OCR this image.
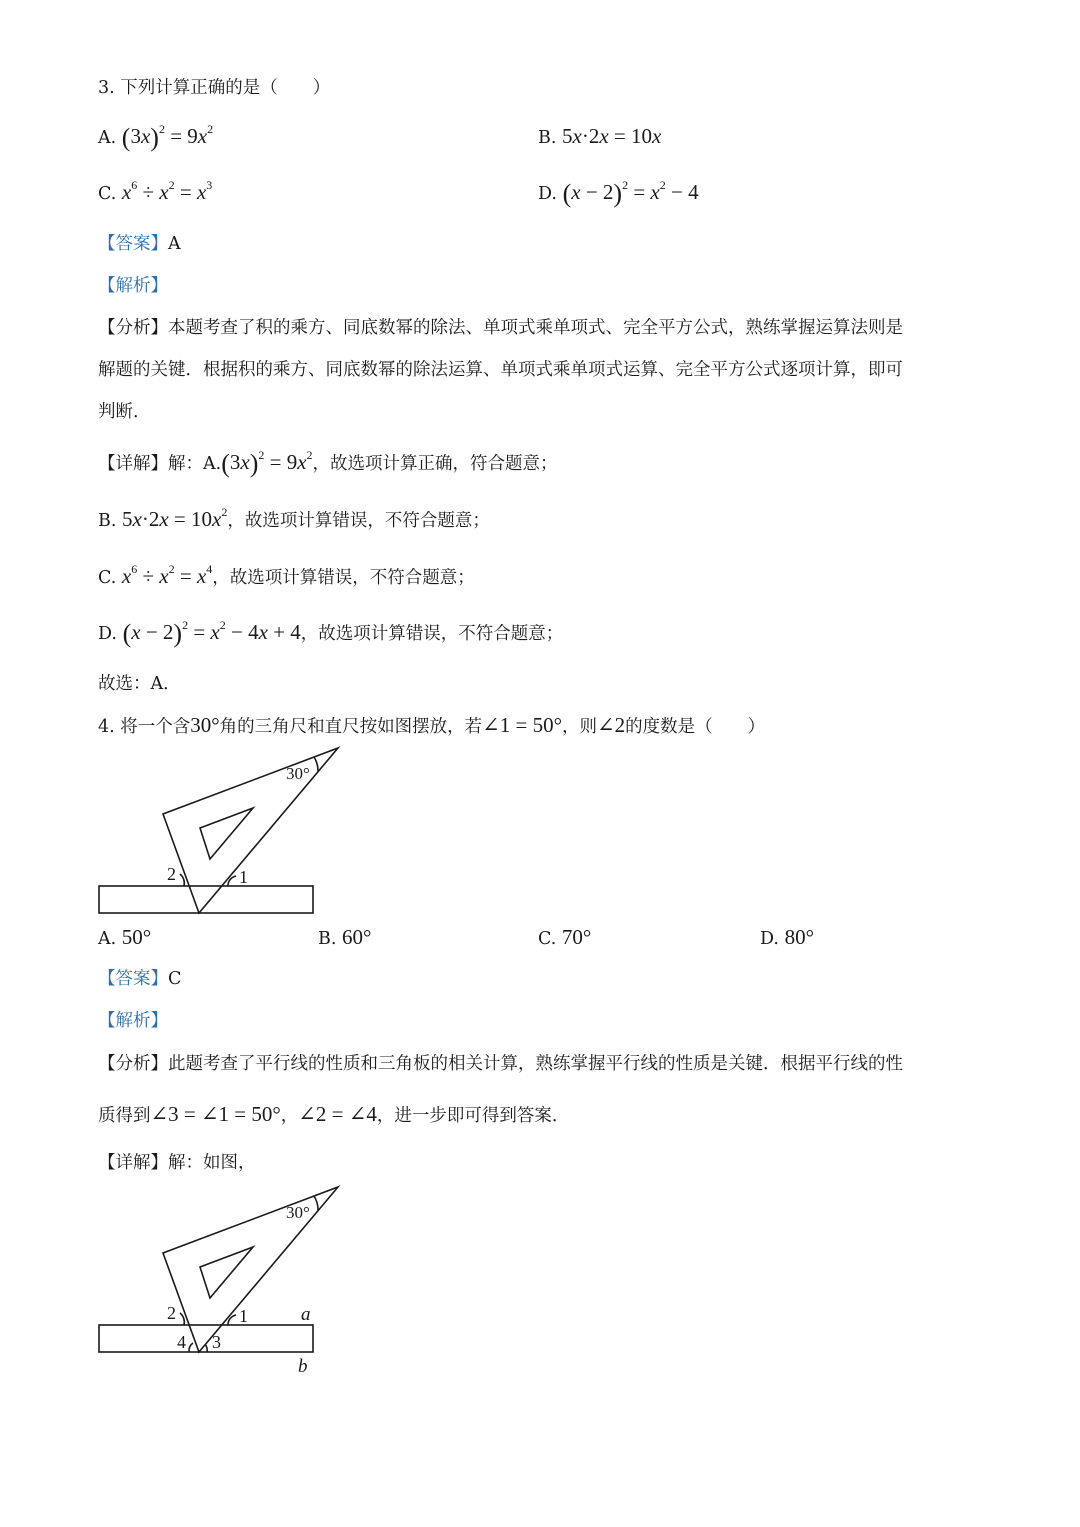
3. 下列计算正确的是（　　）
A. $(3x)^2 = 9x^2$	B. 5x·2x = 10x
C. $x^6 \div x^2 = x^3$	D. $(x - 2)^2 = x^2 - 4$
【答案】A
【解析】
【分析】本题考查了积的乘方、同底数幂的除法、单项式乘单项式、完全平方公式，熟练掌握运算法则是
解题的关键．根据积的乘方、同底数幂的除法运算、单项式乘单项式运算、完全平方公式逐项计算，即可
判断．
【详解】解：$A.(3x)^2 = 9x^2$，故选项计算正确，符合题意；
B. $5x\cdot 2x = 10x^2$，故选项计算错误，不符合题意；
C. $x^6 \div x^2 = x^4$，故选项计算错误，不符合题意；
D. $(x - 2)^2 = x^2 - 4x + 4$，故选项计算错误，不符合题意；
故选：A．
4. 将一个含30°角的三角尺和直尺按如图摆放，若∠1 = 50°，则∠2的度数是（　　）
30°
2	1
A. 50°	B. 60°	C. 70°	D. 80°
【答案】C
【解析】
【分析】此题考查了平行线的性质和三角板的相关计算，熟练掌握平行线的性质是关键．根据平行线的性
质得到∠3 = ∠1 = 50°，∠2 = ∠4，进一步即可得到答案．
【详解】解：如图，
30°
2	1
4 3
a
b
